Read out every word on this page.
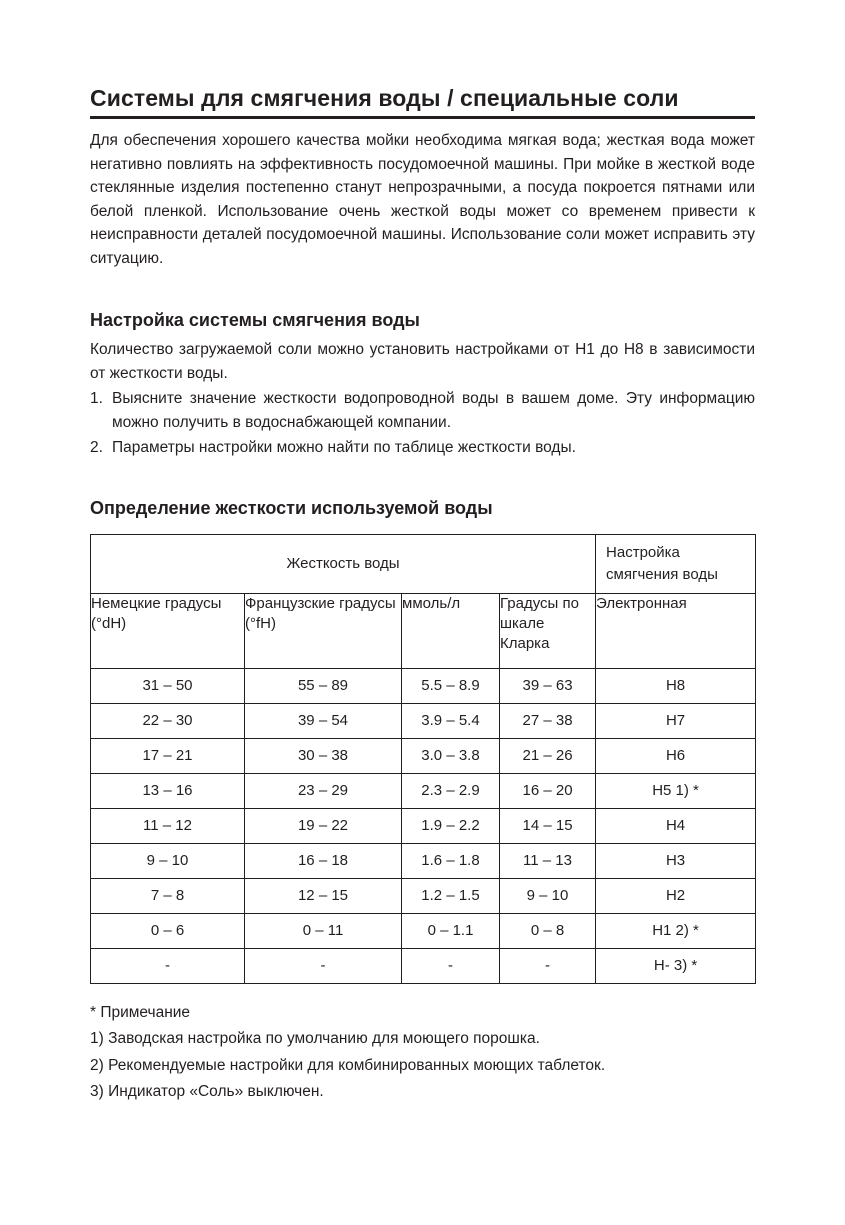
Системы для смягчения воды / специальные соли

Для обеспечения хорошего качества мойки необходима мягкая вода; жесткая вода может негативно повлиять на эффективность посудомоечной машины. При мойке в жесткой воде стеклянные изделия постепенно станут непрозрачными, а посуда покроется пятнами или белой пленкой. Использование очень жесткой воды может со временем привести к неисправности деталей посудомоечной машины. Использование соли может исправить эту ситуацию.

Настройка системы смягчения воды

Количество загружаемой соли можно установить настройками от H1 до H8 в зависимости от жесткости воды.

1. Выясните значение жесткости водопроводной воды в вашем доме. Эту информацию можно получить в водоснабжающей компании.
2. Параметры настройки можно найти по таблице жесткости воды.
Определение жесткости используемой воды
Жесткость воды				Настройка смягчения воды
Немецкие градусы (°dH)	Французские градусы (°fH)	ммоль/л	Градусы по шкале Кларка	Электронная
31 – 50	55 – 89	5.5 – 8.9	39 – 63	H8
22 – 30	39 – 54	3.9 – 5.4	27 – 38	H7
17 – 21	30 – 38	3.0 – 3.8	21 – 26	H6
13 – 16	23 – 29	2.3 – 2.9	16 – 20	H5 1) *
11 – 12	19 – 22	1.9 – 2.2	14 – 15	H4
9 – 10	16 – 18	1.6 – 1.8	11 – 13	H3
7 – 8	12 – 15	1.2 – 1.5	9 – 10	H2
0 – 6	0 – 11	0 – 1.1	0 – 8	H1 2) *
-	-	-	-	H- 3) *
* Примечание
1) Заводская настройка по умолчанию для моющего порошка.
2) Рекомендуемые настройки для комбинированных моющих таблеток.
3) Индикатор «Соль» выключен.
